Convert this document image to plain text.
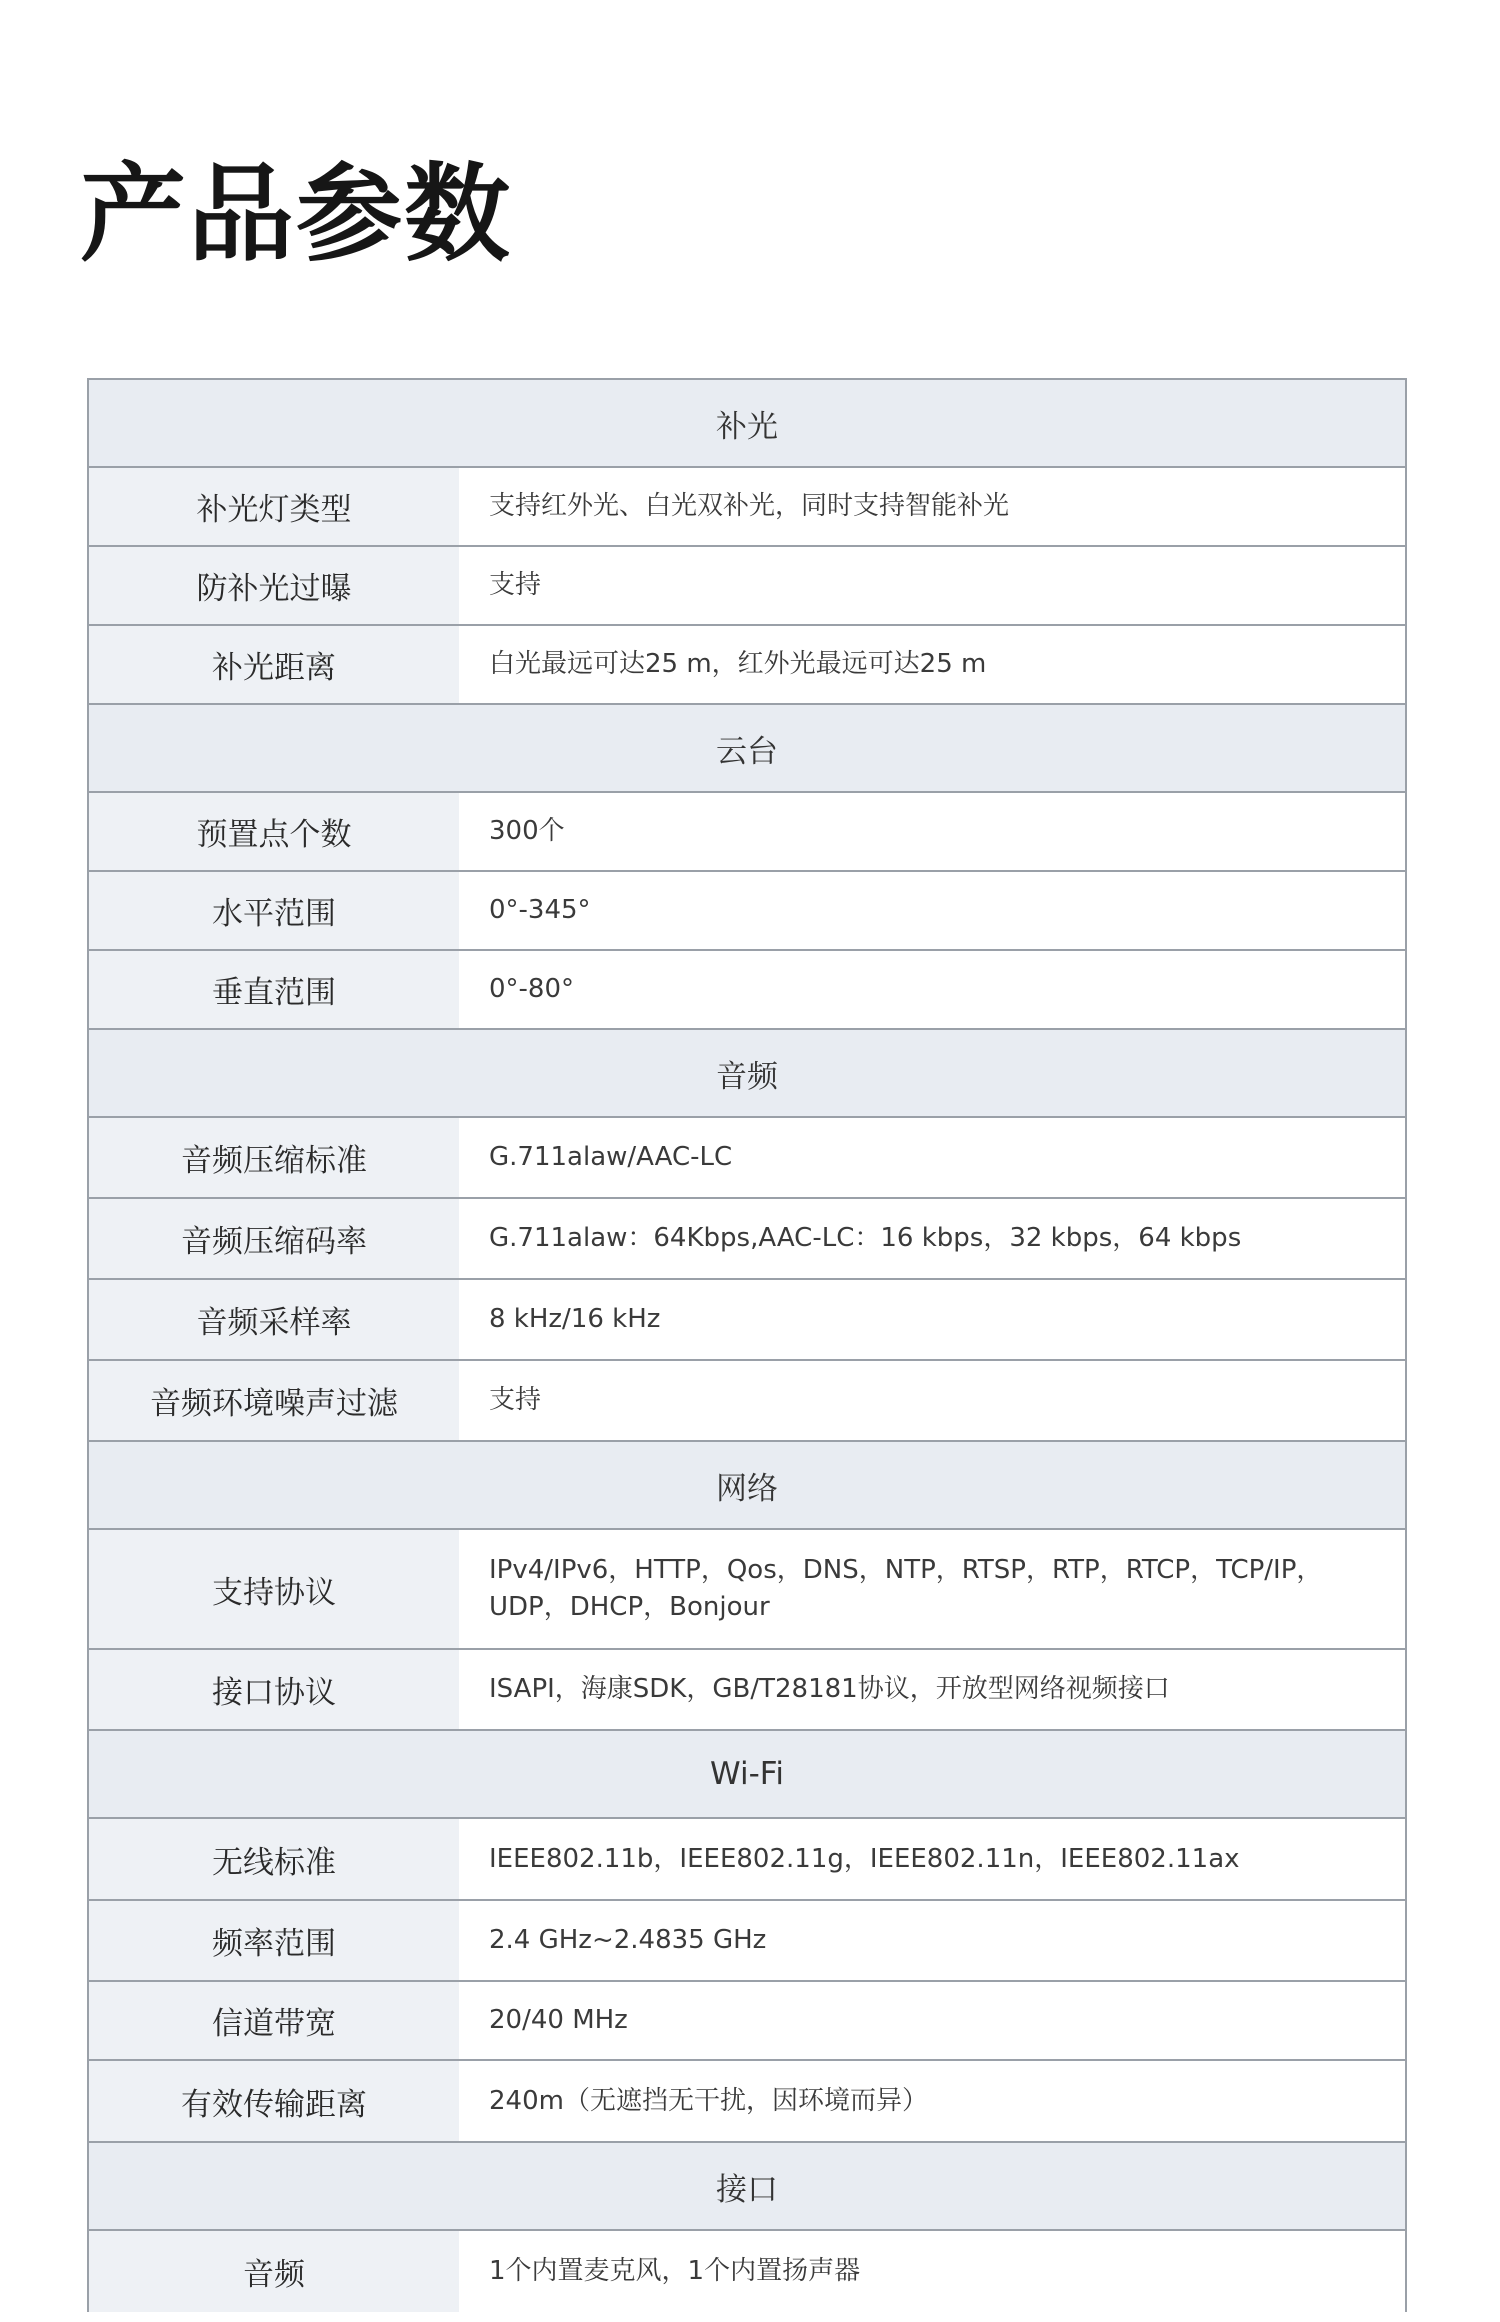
产品参数
补光	
补光灯类型	支持红外光、白光双补光，同时支持智能补光
防补光过曝	支持
补光距离	白光最远可达25 m，红外光最远可达25 m
云台	
预置点个数	300个
水平范围	0°-345°
垂直范围	0°-80°
音频	
音频压缩标准	G.711alaw/AAC-LC
音频压缩码率	G.711alaw：64Kbps,AAC-LC：16 kbps，32 kbps，64 kbps
音频采样率	8 kHz/16 kHz
音频环境噪声过滤	支持
网络	
支持协议	IPv4/IPv6，HTTP，Qos，DNS，NTP，RTSP，RTP，RTCP，TCP/IP，UDP，DHCP，Bonjour
接口协议	ISAPI，海康SDK，GB/T28181协议，开放型网络视频接口
Wi-Fi	
无线标准	IEEE802.11b，IEEE802.11g，IEEE802.11n，IEEE802.11ax
频率范围	2.4 GHz~2.4835 GHz
信道带宽	20/40 MHz
有效传输距离	240m（无遮挡无干扰，因环境而异）
接口	
音频	1个内置麦克风，1个内置扬声器
